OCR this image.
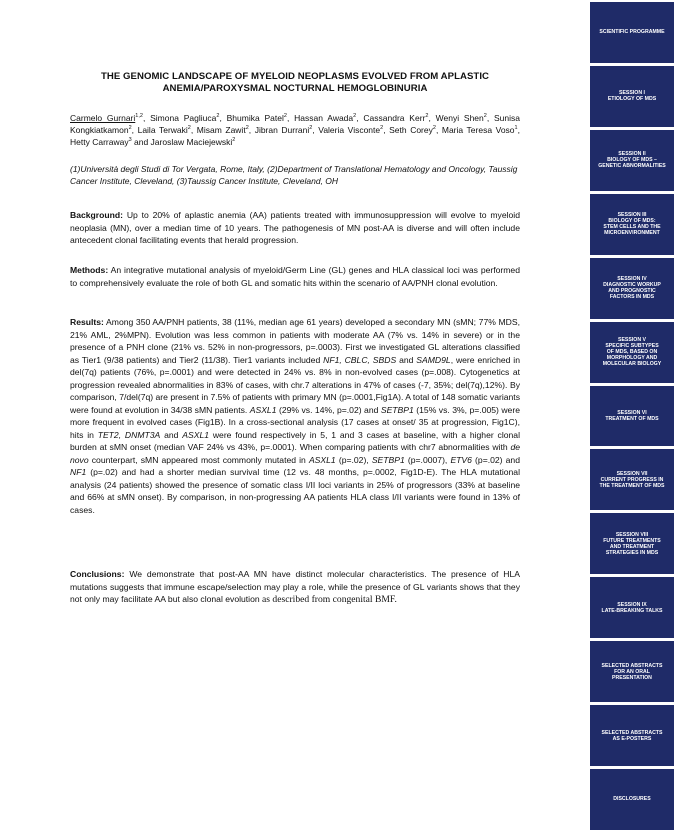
THE GENOMIC LANDSCAPE OF MYELOID NEOPLASMS EVOLVED FROM APLASTIC
ANEMIA/PAROXYSMAL NOCTURNAL HEMOGLOBINURIA
Carmelo Gurnari$^{1,2}$, Simona Pagliuca$^2$, Bhumika Patel$^2$, Hassan Awada$^2$, Cassandra Kerr$^2$, Wenyi Shen$^2$, Sunisa Kongkiatkamon$^2$, Laila Terwaki$^2$, Misam Zawit$^2$, Jibran Durrani$^2$, Valeria Visconte$^2$, Seth Corey$^2$, Maria Teresa Voso$^1$, Hetty Carraway$^3$ and Jaroslaw Maciejewski$^2$
(1)Università degli Studi di Tor Vergata, Rome, Italy, (2)Department of Translational Hematology and Oncology, Taussig Cancer Institute, Cleveland, (3)Taussig Cancer Institute, Cleveland, OH
Background: Up to 20% of aplastic anemia (AA) patients treated with immunosuppression will evolve to myeloid neoplasia (MN), over a median time of 10 years. The pathogenesis of MN post-AA is diverse and will often include antecedent clonal facilitating events that herald progression.
Methods: An integrative mutational analysis of myeloid/Germ Line (GL) genes and HLA classical loci was performed to comprehensively evaluate the role of both GL and somatic hits within the scenario of AA/PNH clonal evolution.
Results: Among 350 AA/PNH patients, 38 (11%, median age 61 years) developed a secondary MN (sMN; 77% MDS, 21% AML, 2%MPN). Evolution was less common in patients with moderate AA (7% vs. 14% in severe) or in the presence of a PNH clone (21% vs. 52% in non-progressors, p=.0003). First we investigated GL alterations classified as Tier1 (9/38 patients) and Tier2 (11/38). Tier1 variants included NF1, CBLC, SBDS and SAMD9L, were enriched in del(7q) patients (76%, p=.0001) and were detected in 24% vs. 8% in non-evolved cases (p=.008). Cytogenetics at progression revealed abnormalities in 83% of cases, with chr.7 alterations in 47% of cases (-7, 35%; del(7q),12%). By comparison, 7/del(7q) are present in 7.5% of patients with primary MN (p=.0001,Fig1A). A total of 148 somatic variants were found at evolution in 34/38 sMN patients. ASXL1 (29% vs. 14%, p=.02) and SETBP1 (15% vs. 3%, p=.005) were more frequent in evolved cases (Fig1B). In a cross-sectional analysis (17 cases at onset/ 35 at progression, Fig1C), hits in TET2, DNMT3A and ASXL1 were found respectively in 5, 1 and 3 cases at baseline, with a higher clonal burden at sMN onset (median VAF 24% vs 43%, p=.0001). When comparing patients with chr7 abnormalities with de novo counterpart, sMN appeared most commonly mutated in ASXL1 (p=.02), SETBP1 (p=.0007), ETV6 (p=.02) and NF1 (p=.02) and had a shorter median survival time (12 vs. 48 months, p=.0002, Fig1D-E). The HLA mutational analysis (24 patients) showed the presence of somatic class I/II loci variants in 25% of progressors (33% at baseline and 66% at sMN onset). By comparison, in non-progressing AA patients HLA class I/II variants were found in 13% of cases.
Conclusions: We demonstrate that post-AA MN have distinct molecular characteristics. The presence of HLA mutations suggests that immune escape/selection may play a role, while the presence of GL variants shows that they not only may facilitate AA but also clonal evolution as described from congenital BMF.
SCIENTIFIC PROGRAMME
SESSION I
ETIOLOGY OF MDS
SESSION II
BIOLOGY OF MDS –
GENETIC ABNORMALITIES
SESSION III
BIOLOGY OF MDS:
STEM CELLS AND THE
MICROENVIRONMENT
SESSION IV
DIAGNOSTIC WORKUP
AND PROGNOSTIC
FACTORS IN MDS
SESSION V
SPECIFIC SUBTYPES
OF MDS, BASED ON
MORPHOLOGY AND
MOLECULAR BIOLOGY
SESSION VI
TREATMENT OF MDS
SESSION VII
CURRENT PROGRESS IN
THE TREATMENT OF MDS
SESSION VIII
FUTURE TREATMENTS
AND TREATMENT
STRATEGIES IN MDS
SESSION IX
LATE-BREAKING TALKS
SELECTED ABSTRACTS
FOR AN ORAL
PRESENTATION
SELECTED ABSTRACTS
AS E-POSTERS
DISCLOSURES
